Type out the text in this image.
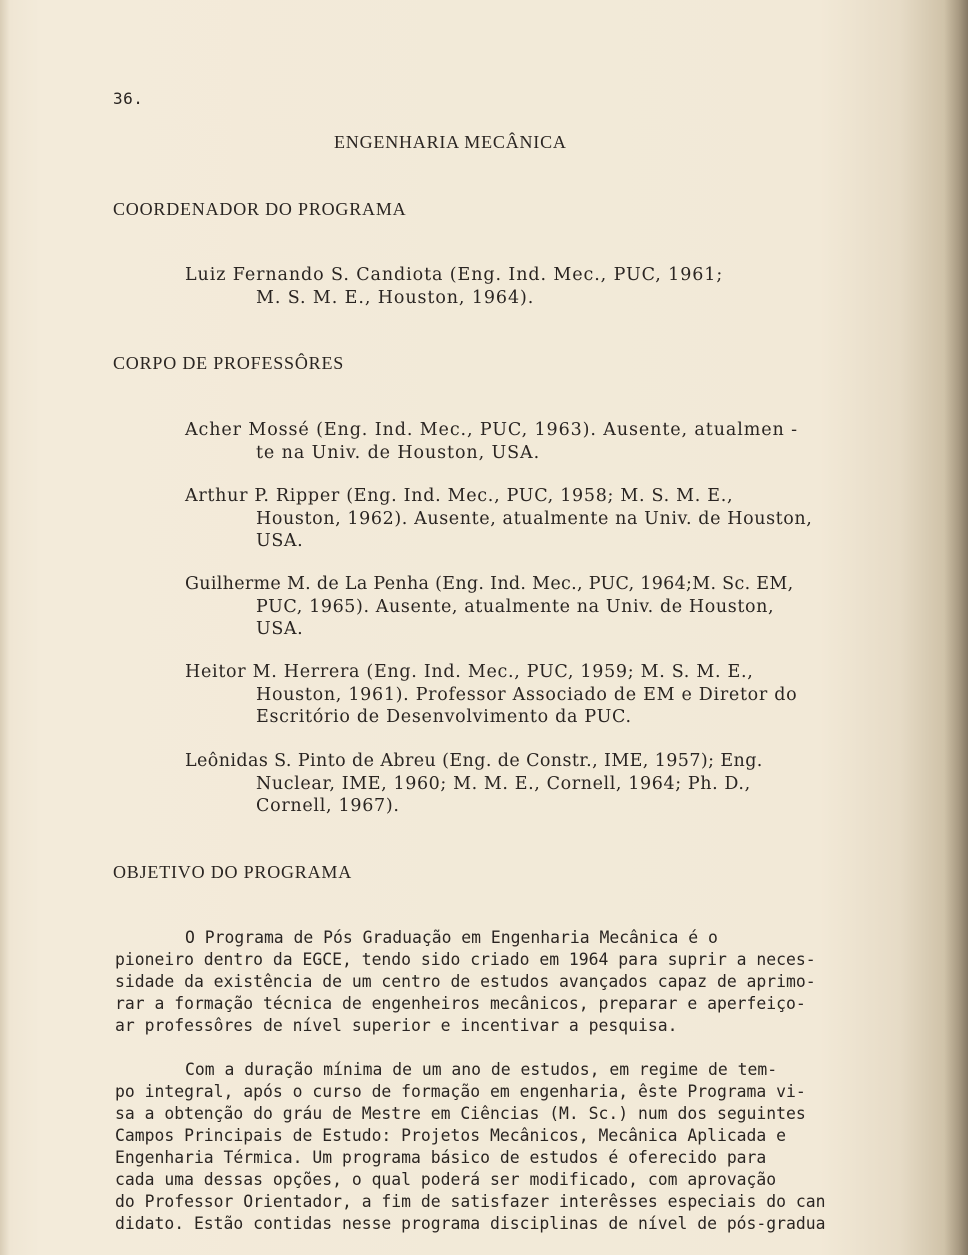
36.
ENGENHARIA MECÂNICA
COORDENADOR DO PROGRAMA
Luiz Fernando S. Candiota (Eng. Ind. Mec., PUC, 1961;
M. S. M. E., Houston, 1964).
CORPO DE PROFESSÔRES
Acher Mossé (Eng. Ind. Mec., PUC, 1963). Ausente, atualmen -
te na Univ. de Houston, USA.
Arthur P. Ripper (Eng. Ind. Mec., PUC, 1958; M. S. M. E.,
Houston, 1962). Ausente, atualmente na Univ. de Houston,
USA.
Guilherme M. de La Penha (Eng. Ind. Mec., PUC, 1964;M. Sc. EM,
PUC, 1965). Ausente, atualmente na Univ. de Houston,
USA.
Heitor M. Herrera (Eng. Ind. Mec., PUC, 1959; M. S. M. E.,
Houston, 1961). Professor Associado de EM e Diretor do
Escritório de Desenvolvimento da PUC.
Leônidas S. Pinto de Abreu (Eng. de Constr., IME, 1957); Eng.
Nuclear, IME, 1960; M. M. E., Cornell, 1964; Ph. D.,
Cornell, 1967).
OBJETIVO DO PROGRAMA
O Programa de Pós Graduação em Engenharia Mecânica é o
pioneiro dentro da EGCE, tendo sido criado em 1964 para suprir a neces-
sidade da existência de um centro de estudos avançados capaz de aprimo-
rar a formação técnica de engenheiros mecânicos, preparar e aperfeiço-
ar professôres de nível superior e incentivar a pesquisa.
Com a duração mínima de um ano de estudos, em regime de tem-
po integral, após o curso de formação em engenharia, êste Programa vi-
sa a obtenção do gráu de Mestre em Ciências (M. Sc.) num dos seguintes
Campos Principais de Estudo: Projetos Mecânicos, Mecânica Aplicada e
Engenharia Térmica. Um programa básico de estudos é oferecido para
cada uma dessas opções, o qual poderá ser modificado, com aprovação
do Professor Orientador, a fim de satisfazer interêsses especiais do can
didato. Estão contidas nesse programa disciplinas de nível de pós-gradua
